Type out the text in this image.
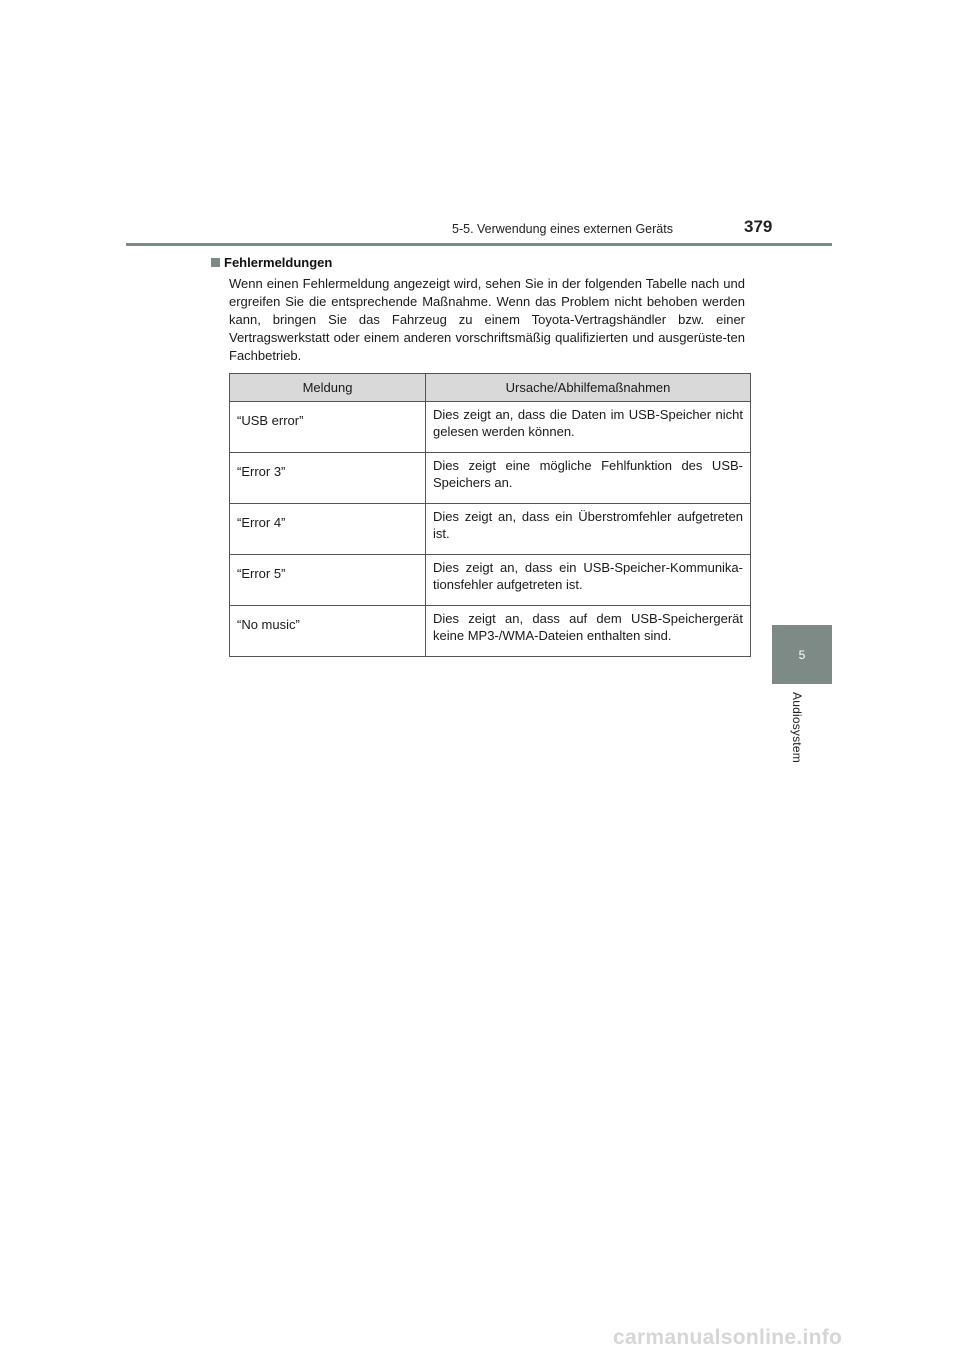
5-5. Verwendung eines externen Geräts	379
5
Audiosystem
Fehlermeldungen
Wenn einen Fehlermeldung angezeigt wird, sehen Sie in der folgenden Tabelle nach und ergreifen Sie die entsprechende Maßnahme. Wenn das Problem nicht behoben werden kann, bringen Sie das Fahrzeug zu einem Toyota-Vertragshändler bzw. einer Vertragswerkstatt oder einem anderen vorschriftsmäßig qualifizierten und ausgerüste-ten Fachbetrieb.
Meldung	Ursache/Abhilfemaßnahmen
“USB error”	Dies zeigt an, dass die Daten im USB-Speicher nicht gelesen werden können.
“Error 3”	Dies zeigt eine mögliche Fehlfunktion des USB-Speichers an.
“Error 4”	Dies zeigt an, dass ein Überstromfehler aufgetreten ist.
“Error 5”	Dies zeigt an, dass ein USB-Speicher-Kommunika-tionsfehler aufgetreten ist.
“No music”	Dies zeigt an, dass auf dem USB-Speichergerät keine MP3-/WMA-Dateien enthalten sind.
carmanualsonline.info
